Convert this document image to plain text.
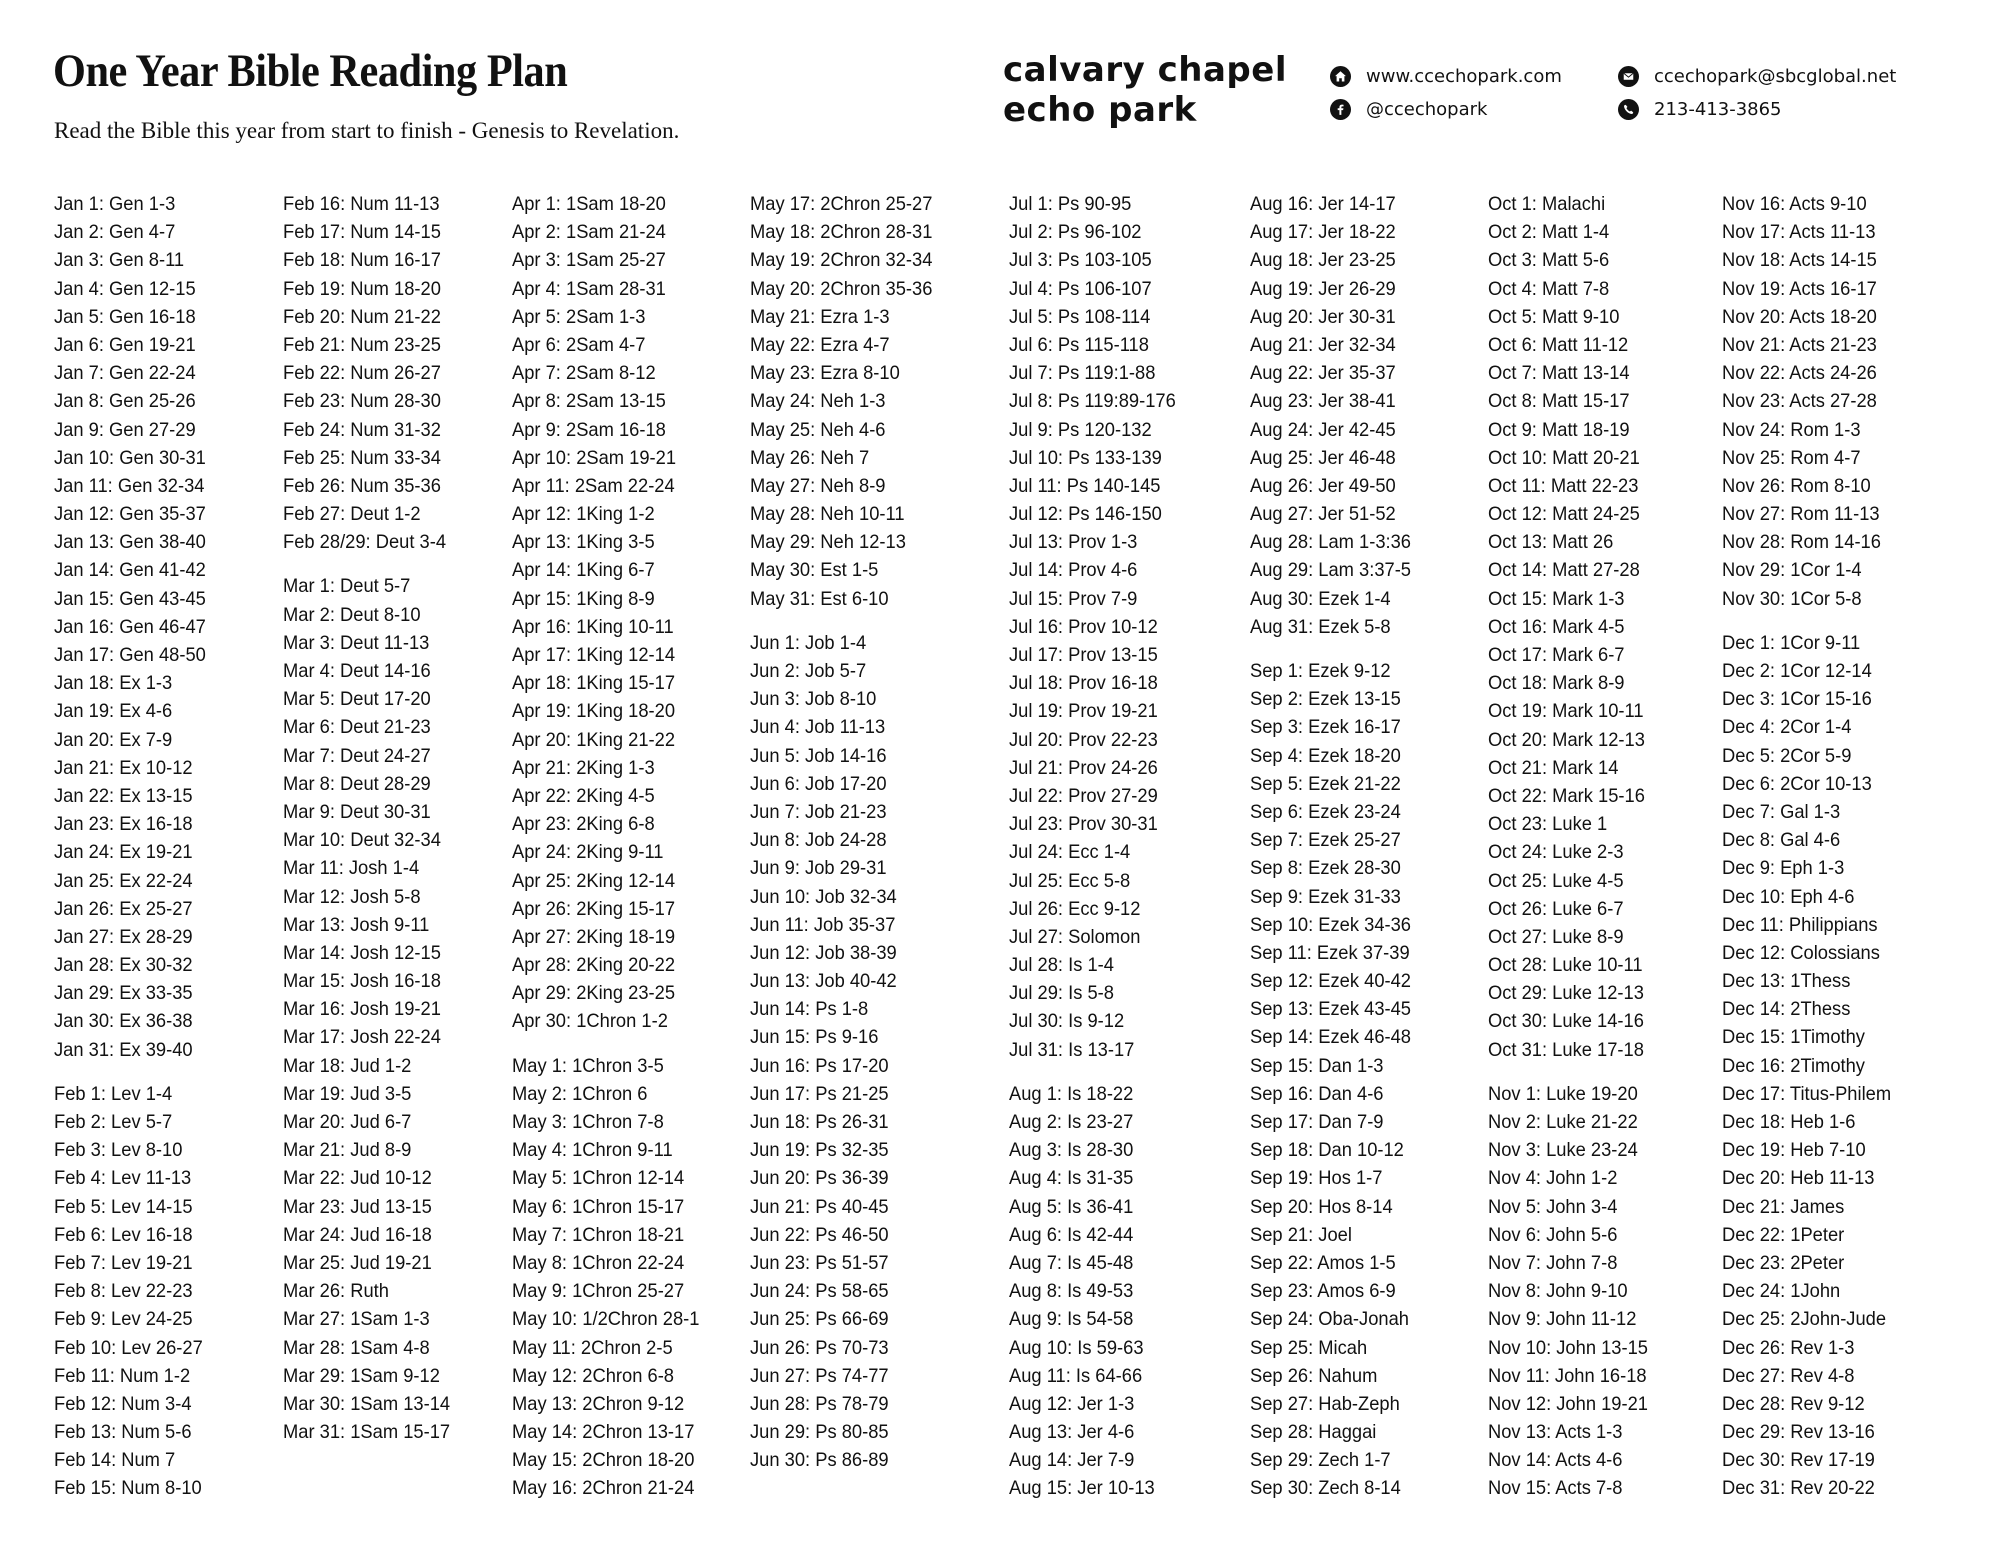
One Year Bible Reading Plan
Read the Bible this year from start to finish - Genesis to Revelation.
calvary chapel
echo park
www.ccechopark.com
@ccechopark
ccechopark@sbcglobal.net
213-413-3865
Jan 1: Gen 1-3
Jan 2: Gen 4-7
Jan 3: Gen 8-11
Jan 4: Gen 12-15
Jan 5: Gen 16-18
Jan 6: Gen 19-21
Jan 7: Gen 22-24
Jan 8: Gen 25-26
Jan 9: Gen 27-29
Jan 10: Gen 30-31
Jan 11: Gen 32-34
Jan 12: Gen 35-37
Jan 13: Gen 38-40
Jan 14: Gen 41-42
Jan 15: Gen 43-45
Jan 16: Gen 46-47
Jan 17: Gen 48-50
Jan 18: Ex 1-3
Jan 19: Ex 4-6
Jan 20: Ex 7-9
Jan 21: Ex 10-12
Jan 22: Ex 13-15
Jan 23: Ex 16-18
Jan 24: Ex 19-21
Jan 25: Ex 22-24
Jan 26: Ex 25-27
Jan 27: Ex 28-29
Jan 28: Ex 30-32
Jan 29: Ex 33-35
Jan 30: Ex 36-38
Jan 31: Ex 39-40
Feb 1: Lev 1-4
Feb 2: Lev 5-7
Feb 3: Lev 8-10
Feb 4: Lev 11-13
Feb 5: Lev 14-15
Feb 6: Lev 16-18
Feb 7: Lev 19-21
Feb 8: Lev 22-23
Feb 9: Lev 24-25
Feb 10: Lev 26-27
Feb 11: Num 1-2
Feb 12: Num 3-4
Feb 13: Num 5-6
Feb 14: Num 7
Feb 15: Num 8-10
Feb 16: Num 11-13
Feb 17: Num 14-15
Feb 18: Num 16-17
Feb 19: Num 18-20
Feb 20: Num 21-22
Feb 21: Num 23-25
Feb 22: Num 26-27
Feb 23: Num 28-30
Feb 24: Num 31-32
Feb 25: Num 33-34
Feb 26: Num 35-36
Feb 27: Deut 1-2
Feb 28/29: Deut 3-4
Mar 1: Deut 5-7
Mar 2: Deut 8-10
Mar 3: Deut 11-13
Mar 4: Deut 14-16
Mar 5: Deut 17-20
Mar 6: Deut 21-23
Mar 7: Deut 24-27
Mar 8: Deut 28-29
Mar 9: Deut 30-31
Mar 10: Deut 32-34
Mar 11: Josh 1-4
Mar 12: Josh 5-8
Mar 13: Josh 9-11
Mar 14: Josh 12-15
Mar 15: Josh 16-18
Mar 16: Josh 19-21
Mar 17: Josh 22-24
Mar 18: Jud 1-2
Mar 19: Jud 3-5
Mar 20: Jud 6-7
Mar 21: Jud 8-9
Mar 22: Jud 10-12
Mar 23: Jud 13-15
Mar 24: Jud 16-18
Mar 25: Jud 19-21
Mar 26: Ruth
Mar 27: 1Sam 1-3
Mar 28: 1Sam 4-8
Mar 29: 1Sam 9-12
Mar 30: 1Sam 13-14
Mar 31: 1Sam 15-17
Apr 1: 1Sam 18-20
Apr 2: 1Sam 21-24
Apr 3: 1Sam 25-27
Apr 4: 1Sam 28-31
Apr 5: 2Sam 1-3
Apr 6: 2Sam 4-7
Apr 7: 2Sam 8-12
Apr 8: 2Sam 13-15
Apr 9: 2Sam 16-18
Apr 10: 2Sam 19-21
Apr 11: 2Sam 22-24
Apr 12: 1King 1-2
Apr 13: 1King 3-5
Apr 14: 1King 6-7
Apr 15: 1King 8-9
Apr 16: 1King 10-11
Apr 17: 1King 12-14
Apr 18: 1King 15-17
Apr 19: 1King 18-20
Apr 20: 1King 21-22
Apr 21: 2King 1-3
Apr 22: 2King 4-5
Apr 23: 2King 6-8
Apr 24: 2King 9-11
Apr 25: 2King 12-14
Apr 26: 2King 15-17
Apr 27: 2King 18-19
Apr 28: 2King 20-22
Apr 29: 2King 23-25
Apr 30: 1Chron 1-2
May 1: 1Chron 3-5
May 2: 1Chron 6
May 3: 1Chron 7-8
May 4: 1Chron 9-11
May 5: 1Chron 12-14
May 6: 1Chron 15-17
May 7: 1Chron 18-21
May 8: 1Chron 22-24
May 9: 1Chron 25-27
May 10: 1/2Chron 28-1
May 11: 2Chron 2-5
May 12: 2Chron 6-8
May 13: 2Chron 9-12
May 14: 2Chron 13-17
May 15: 2Chron 18-20
May 16: 2Chron 21-24
May 17: 2Chron 25-27
May 18: 2Chron 28-31
May 19: 2Chron 32-34
May 20: 2Chron 35-36
May 21: Ezra 1-3
May 22: Ezra 4-7
May 23: Ezra 8-10
May 24: Neh 1-3
May 25: Neh 4-6
May 26: Neh 7
May 27: Neh 8-9
May 28: Neh 10-11
May 29: Neh 12-13
May 30: Est 1-5
May 31: Est 6-10
Jun 1: Job 1-4
Jun 2: Job 5-7
Jun 3: Job 8-10
Jun 4: Job 11-13
Jun 5: Job 14-16
Jun 6: Job 17-20
Jun 7: Job 21-23
Jun 8: Job 24-28
Jun 9: Job 29-31
Jun 10: Job 32-34
Jun 11: Job 35-37
Jun 12: Job 38-39
Jun 13: Job 40-42
Jun 14: Ps 1-8
Jun 15: Ps 9-16
Jun 16: Ps 17-20
Jun 17: Ps 21-25
Jun 18: Ps 26-31
Jun 19: Ps 32-35
Jun 20: Ps 36-39
Jun 21: Ps 40-45
Jun 22: Ps 46-50
Jun 23: Ps 51-57
Jun 24: Ps 58-65
Jun 25: Ps 66-69
Jun 26: Ps 70-73
Jun 27: Ps 74-77
Jun 28: Ps 78-79
Jun 29: Ps 80-85
Jun 30: Ps 86-89
Jul 1: Ps 90-95
Jul 2: Ps 96-102
Jul 3: Ps 103-105
Jul 4: Ps 106-107
Jul 5: Ps 108-114
Jul 6: Ps 115-118
Jul 7: Ps 119:1-88
Jul 8: Ps 119:89-176
Jul 9: Ps 120-132
Jul 10: Ps 133-139
Jul 11: Ps 140-145
Jul 12: Ps 146-150
Jul 13: Prov 1-3
Jul 14: Prov 4-6
Jul 15: Prov 7-9
Jul 16: Prov 10-12
Jul 17: Prov 13-15
Jul 18: Prov 16-18
Jul 19: Prov 19-21
Jul 20: Prov 22-23
Jul 21: Prov 24-26
Jul 22: Prov 27-29
Jul 23: Prov 30-31
Jul 24: Ecc 1-4
Jul 25: Ecc 5-8
Jul 26: Ecc 9-12
Jul 27: Solomon
Jul 28: Is 1-4
Jul 29: Is 5-8
Jul 30: Is 9-12
Jul 31: Is 13-17
Aug 1: Is 18-22
Aug 2: Is 23-27
Aug 3: Is 28-30
Aug 4: Is 31-35
Aug 5: Is 36-41
Aug 6: Is 42-44
Aug 7: Is 45-48
Aug 8: Is 49-53
Aug 9: Is 54-58
Aug 10: Is 59-63
Aug 11: Is 64-66
Aug 12: Jer 1-3
Aug 13: Jer 4-6
Aug 14: Jer 7-9
Aug 15: Jer 10-13
Aug 16: Jer 14-17
Aug 17: Jer 18-22
Aug 18: Jer 23-25
Aug 19: Jer 26-29
Aug 20: Jer 30-31
Aug 21: Jer 32-34
Aug 22: Jer 35-37
Aug 23: Jer 38-41
Aug 24: Jer 42-45
Aug 25: Jer 46-48
Aug 26: Jer 49-50
Aug 27: Jer 51-52
Aug 28: Lam 1-3:36
Aug 29: Lam 3:37-5
Aug 30: Ezek 1-4
Aug 31: Ezek 5-8
Sep 1: Ezek 9-12
Sep 2: Ezek 13-15
Sep 3: Ezek 16-17
Sep 4: Ezek 18-20
Sep 5: Ezek 21-22
Sep 6: Ezek 23-24
Sep 7: Ezek 25-27
Sep 8: Ezek 28-30
Sep 9: Ezek 31-33
Sep 10: Ezek 34-36
Sep 11: Ezek 37-39
Sep 12: Ezek 40-42
Sep 13: Ezek 43-45
Sep 14: Ezek 46-48
Sep 15: Dan 1-3
Sep 16: Dan 4-6
Sep 17: Dan 7-9
Sep 18: Dan 10-12
Sep 19: Hos 1-7
Sep 20: Hos 8-14
Sep 21: Joel
Sep 22: Amos 1-5
Sep 23: Amos 6-9
Sep 24: Oba-Jonah
Sep 25: Micah
Sep 26: Nahum
Sep 27: Hab-Zeph
Sep 28: Haggai
Sep 29: Zech 1-7
Sep 30: Zech 8-14
Oct 1: Malachi
Oct 2: Matt 1-4
Oct 3: Matt 5-6
Oct 4: Matt 7-8
Oct 5: Matt 9-10
Oct 6: Matt 11-12
Oct 7: Matt 13-14
Oct 8: Matt 15-17
Oct 9: Matt 18-19
Oct 10: Matt 20-21
Oct 11: Matt 22-23
Oct 12: Matt 24-25
Oct 13: Matt 26
Oct 14: Matt 27-28
Oct 15: Mark 1-3
Oct 16: Mark 4-5
Oct 17: Mark 6-7
Oct 18: Mark 8-9
Oct 19: Mark 10-11
Oct 20: Mark 12-13
Oct 21: Mark 14
Oct 22: Mark 15-16
Oct 23: Luke 1
Oct 24: Luke 2-3
Oct 25: Luke 4-5
Oct 26: Luke 6-7
Oct 27: Luke 8-9
Oct 28: Luke 10-11
Oct 29: Luke 12-13
Oct 30: Luke 14-16
Oct 31: Luke 17-18
Nov 1: Luke 19-20
Nov 2: Luke 21-22
Nov 3: Luke 23-24
Nov 4: John 1-2
Nov 5: John 3-4
Nov 6: John 5-6
Nov 7: John 7-8
Nov 8: John 9-10
Nov 9: John 11-12
Nov 10: John 13-15
Nov 11: John 16-18
Nov 12: John 19-21
Nov 13: Acts 1-3
Nov 14: Acts 4-6
Nov 15: Acts 7-8
Nov 16: Acts 9-10
Nov 17: Acts 11-13
Nov 18: Acts 14-15
Nov 19: Acts 16-17
Nov 20: Acts 18-20
Nov 21: Acts 21-23
Nov 22: Acts 24-26
Nov 23: Acts 27-28
Nov 24: Rom 1-3
Nov 25: Rom 4-7
Nov 26: Rom 8-10
Nov 27: Rom 11-13
Nov 28: Rom 14-16
Nov 29: 1Cor 1-4
Nov 30: 1Cor 5-8
Dec 1: 1Cor 9-11
Dec 2: 1Cor 12-14
Dec 3: 1Cor 15-16
Dec 4: 2Cor 1-4
Dec 5: 2Cor 5-9
Dec 6: 2Cor 10-13
Dec 7: Gal 1-3
Dec 8: Gal 4-6
Dec 9: Eph 1-3
Dec 10: Eph 4-6
Dec 11: Philippians
Dec 12: Colossians
Dec 13: 1Thess
Dec 14: 2Thess
Dec 15: 1Timothy
Dec 16: 2Timothy
Dec 17: Titus-Philem
Dec 18: Heb 1-6
Dec 19: Heb 7-10
Dec 20: Heb 11-13
Dec 21: James
Dec 22: 1Peter
Dec 23: 2Peter
Dec 24: 1John
Dec 25: 2John-Jude
Dec 26: Rev 1-3
Dec 27: Rev 4-8
Dec 28: Rev 9-12
Dec 29: Rev 13-16
Dec 30: Rev 17-19
Dec 31: Rev 20-22
